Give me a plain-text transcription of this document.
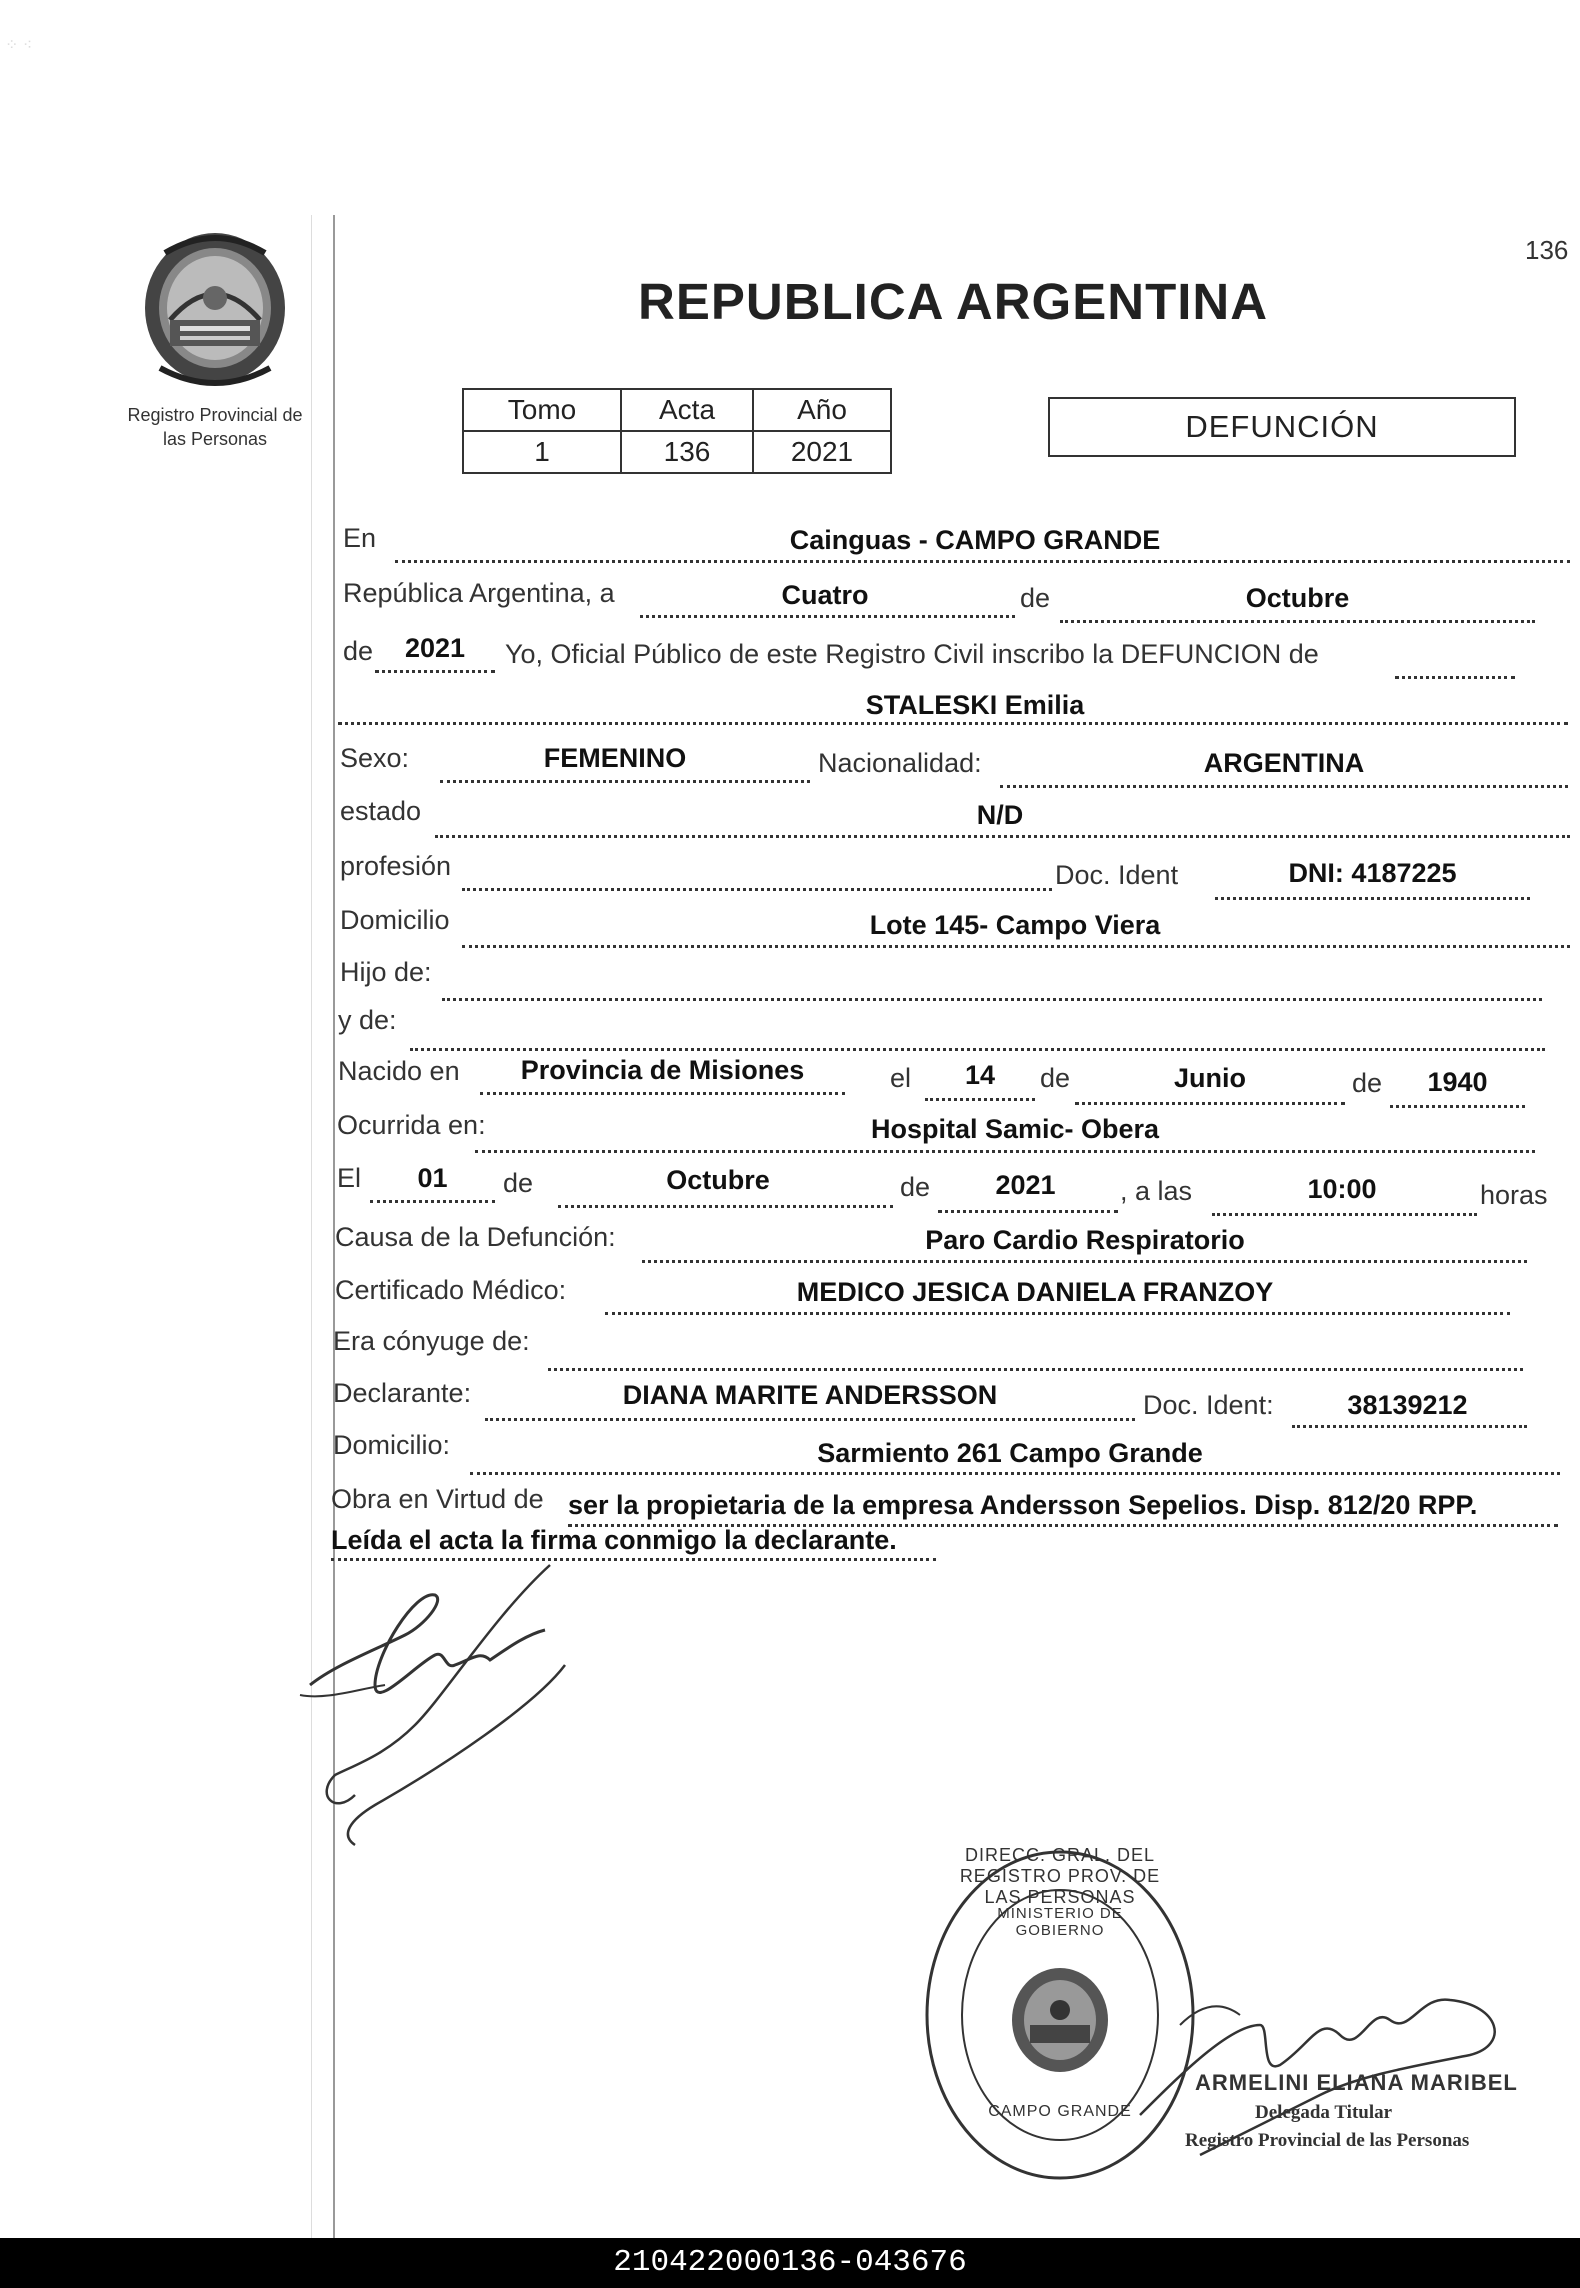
⁘ ⁖
136
Registro Provincial de
las Personas
REPUBLICA ARGENTINA
Tomo	Acta	Año
1	136	2021
DEFUNCIÓN
En	Cainguas - CAMPO GRANDE
República Argentina, a	Cuatro	de	Octubre
de	2021	Yo, Oficial Público de este Registro Civil inscribo la DEFUNCION de
STALESKI Emilia
Sexo:	FEMENINO	Nacionalidad:	ARGENTINA
estado	N/D
profesión	Doc. Ident	DNI: 4187225
Domicilio	Lote 145- Campo Viera
Hijo de:
y de:
Nacido en	Provincia de Misiones	el	14	de	Junio	de	1940
Ocurrida en:	Hospital Samic- Obera
El	01	de	Octubre	de	2021	, a las	10:00	horas
Causa de la Defunción:	Paro Cardio Respiratorio
Certificado Médico:	MEDICO JESICA DANIELA FRANZOY
Era cónyuge de:
Declarante:	DIANA MARITE ANDERSSON	Doc. Ident:	38139212
Domicilio:	Sarmiento 261 Campo Grande
Obra en Virtud de ser la propietaria de la empresa Andersson Sepelios. Disp. 812/20 RPP.
Leída el acta la firma conmigo la declarante.
DIRECC. GRAL. DEL REGISTRO PROV. DE LAS PERSONAS
MINISTERIO DE GOBIERNO
CAMPO GRANDE
ARMELINI ELIANA MARIBEL
Delegada Titular
Registro Provincial de las Personas
210422000136-043676
